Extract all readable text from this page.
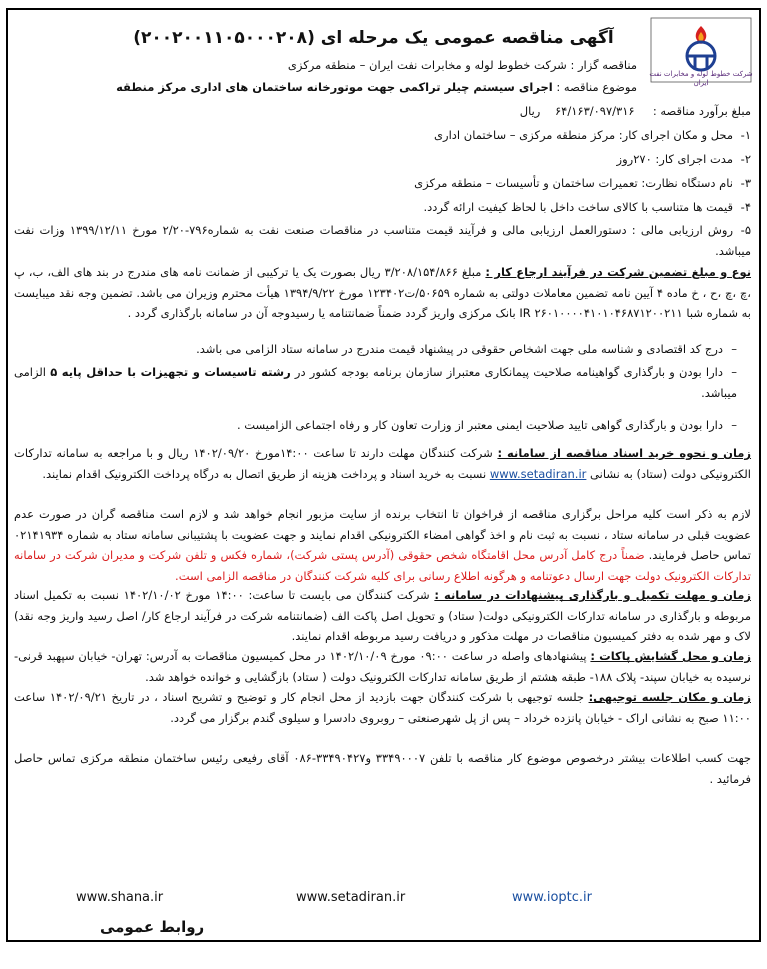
شرکت خطوط لوله و مخابرات نفت ایران
آگهی مناقصه عمومی یک مرحله ای (۲۰۰۲۰۰۱۱۰۵۰۰۰۲۰۸)
مناقصه گزار : شرکت خطوط لوله و مخابرات نفت ایران – منطقه مرکزی
موضوع مناقصه : اجرای سیستم چیلر تراکمی جهت موتورخانه ساختمان های اداری مرکز منطقه
مبلغ برآورد مناقصه :     ۶۴/۱۶۳/۰۹۷/۳۱۶    ریال
۱-محل و مکان اجرای کار: مرکز منطقه مرکزی – ساختمان اداری
۲-مدت اجرای کار: ۲۷۰روز
۳-نام دستگاه نظارت: تعمیرات ساختمان و تأسیسات – منطقه مرکزی
۴-قیمت ها متناسب با کالای ساخت داخل با لحاظ کیفیت ارائه گردد.
۵-روش ارزیابی مالی : دستورالعمل ارزیابی مالی و فرآیند قیمت متناسب در مناقصات صنعت نفت به شماره۷۹۶-۲/۲۰ مورخ ۱۳۹۹/۱۲/۱۱ وزات نفت میباشد.
نوع و مبلغ تضمین شرکت در فرآیند ارجاع کار : مبلغ ۳/۲۰۸/۱۵۴/۸۶۶ ریال بصورت یک یا ترکیبی از ضمانت نامه های مندرج در بند های الف، ب، پ ،چ ،چ ،ح ، خ ماده ۴ آیین نامه تضمین معاملات دولتی به شماره ۵۰۶۵۹/ت۱۲۳۴۰۲ مورخ ۱۳۹۴/۹/۲۲ هیأت محترم وزیران می باشد. تضمین وجه نقد میبایست به شماره شبا IR ۲۶۰۱۰۰۰۰۴۱۰۱۰۴۶۸۷۱۲۰۰۲۱۱ بانک مرکزی واریز گردد ضمناً ضمانتنامه یا رسیدوجه آن در سامانه بارگذاری گردد .
–درج کد اقتصادی و شناسه ملی جهت اشخاص حقوقی در پیشنهاد قیمت مندرج در سامانه ستاد الزامی می باشد.
–دارا بودن و بارگذاری گواهینامه صلاحیت پیمانکاری معتبراز سازمان برنامه بودجه کشور در رشته تاسیسات و تجهیزات با حداقل پایه ۵ الزامی میباشد.
–دارا بودن و بارگذاری گواهی تایید صلاحیت ایمنی معتبر از وزارت تعاون کار و رفاه اجتماعی الزامیست .
زمان و نحوه خرید اسناد مناقصه از سامانه : شرکت کنندگان مهلت دارند تا ساعت ۱۴:۰۰مورخ ۱۴۰۲/۰۹/۲۰ ریال و با مراجعه به سامانه تدارکات الکترونیکی دولت (ستاد) به نشانی www.setadiran.ir نسبت به خرید اسناد و پرداخت هزینه از طریق اتصال به درگاه پرداخت الکترونیک اقدام نمایند.
لازم به ذکر است کلیه مراحل برگزاری مناقصه از فراخوان تا انتخاب برنده از سایت مزبور انجام خواهد شد و لازم است مناقصه گران در صورت عدم عضویت قبلی در سامانه ستاد ، نسبت به ثبت نام و اخذ گواهی امضاء الکترونیکی اقدام نمایند و جهت عضویت با پشتیبانی سامانه ستاد به شماره ۰۲۱۴۱۹۳۴ تماس حاصل فرمایند. ضمناً درج کامل آدرس محل اقامتگاه شخص حقوقی (آدرس پستی شرکت)، شماره فکس و تلفن شرکت و مدیران شرکت در سامانه تدارکات الکترونیک دولت جهت ارسال دعوتنامه و هرگونه اطلاع رسانی برای کلیه شرکت کنندگان در مناقصه الزامی است.
زمان و مهلت تکمیل و بارگذاری پیشنهادات در سامانه : شرکت کنندگان می بایست تا ساعت: ۱۴:۰۰ مورخ ۱۴۰۲/۱۰/۰۲ نسبت به تکمیل اسناد مربوطه و بارگذاری در سامانه تدارکات الکترونیکی دولت( ستاد) و تحویل اصل پاکت الف (ضمانتنامه شرکت در فرآیند ارجاع کار/ اصل رسید واریز وجه نقد) لاک و مهر شده به دفتر کمیسیون مناقصات در مهلت مذکور و دریافت رسید مربوطه اقدام نمایند.
زمان و محل گشایش پاکات : پیشنهادهای واصله در ساعت ۰۹:۰۰ مورخ ۱۴۰۲/۱۰/۰۹ در محل کمیسیون مناقصات به آدرس: تهران- خیابان سپهبد قرنی- نرسیده به خیابان سپند- پلاک ۱۸۸- طبقه هشتم از طریق سامانه تدارکات الکترونیک دولت ( ستاد) بازگشایی و خوانده خواهد شد.
زمان و مکان جلسه توجیهی: جلسه توجیهی با شرکت کنندگان جهت بازدید از محل انجام کار و توضیح و تشریح اسناد ، در تاریخ ۱۴۰۲/۰۹/۲۱ ساعت ۱۱:۰۰ صبح به نشانی اراک - خیابان پانزده خرداد – پس از پل شهرصنعتی – روبروی دادسرا و سیلوی گندم برگزار می گردد.
جهت کسب اطلاعات بیشتر درخصوص موضوع کار مناقصه با تلفن ۳۳۴۹۰۰۰۷ و۳۳۴۹۰۴۲۷-۰۸۶ آقای رفیعی رئیس ساختمان منطقه مرکزی تماس حاصل فرمائید .
www.ioptc.ir
www.setadiran.ir
www.shana.ir
روابط عمومی
